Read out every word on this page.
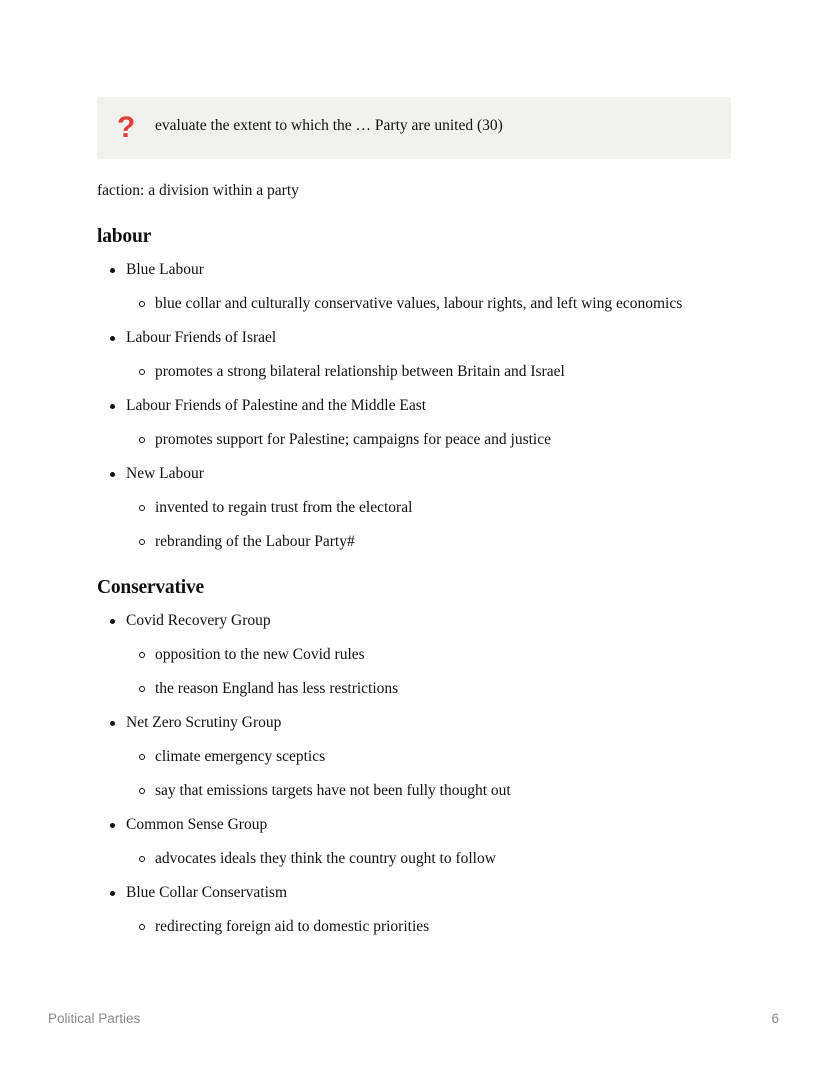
? evaluate the extent to which the … Party are united (30)
faction: a division within a party
labour
Blue Labour
blue collar and culturally conservative values, labour rights, and left wing economics
Labour Friends of Israel
promotes a strong bilateral relationship between Britain and Israel
Labour Friends of Palestine and the Middle East
promotes support for Palestine; campaigns for peace and justice
New Labour
invented to regain trust from the electoral
rebranding of the Labour Party#
Conservative
Covid Recovery Group
opposition to the new Covid rules
the reason England has less restrictions
Net Zero Scrutiny Group
climate emergency sceptics
say that emissions targets have not been fully thought out
Common Sense Group
advocates ideals they think the country ought to follow
Blue Collar Conservatism
redirecting foreign aid to domestic priorities
Political Parties	6
